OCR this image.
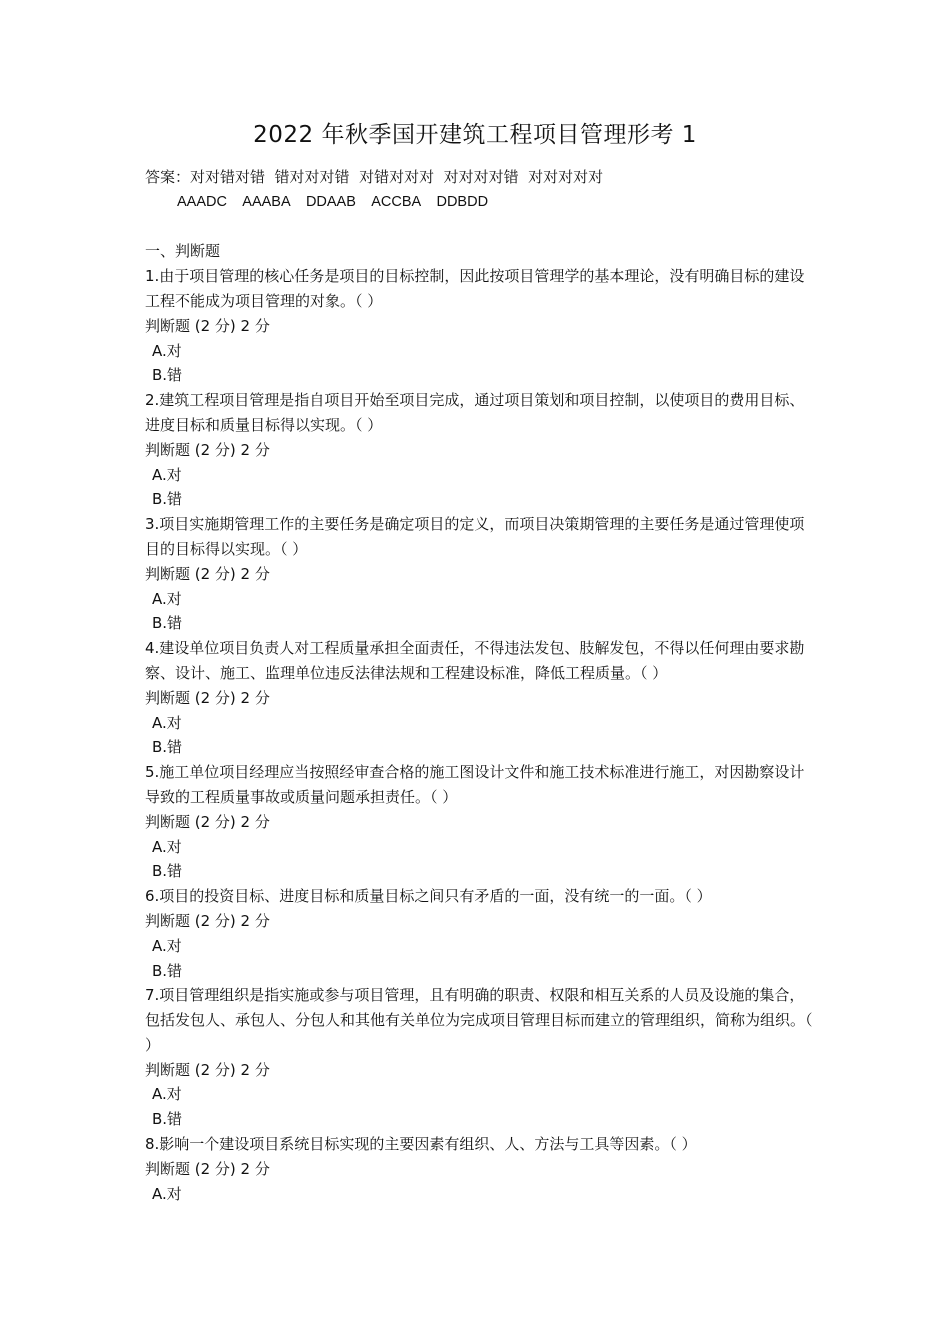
2022 年秋季国开建筑工程项目管理形考 1
答案：对对错对错  错对对对错  对错对对对  对对对对错  对对对对对
AAADC    AAABA    DDAAB    ACCBA    DDBDD
一、判断题
1.由于项目管理的核心任务是项目的目标控制，因此按项目管理学的基本理论，没有明确目标的建设工程不能成为项目管理的对象。（ ）
判断题 (2 分) 2 分
A.对
B.错
2.建筑工程项目管理是指自项目开始至项目完成，通过项目策划和项目控制，以使项目的费用目标、进度目标和质量目标得以实现。（ ）
判断题 (2 分) 2 分
A.对
B.错
3.项目实施期管理工作的主要任务是确定项目的定义，而项目决策期管理的主要任务是通过管理使项目的目标得以实现。（ ）
判断题 (2 分) 2 分
A.对
B.错
4.建设单位项目负责人对工程质量承担全面责任，不得违法发包、肢解发包，不得以任何理由要求勘察、设计、施工、监理单位违反法律法规和工程建设标准，降低工程质量。（ ）
判断题 (2 分) 2 分
A.对
B.错
5.施工单位项目经理应当按照经审查合格的施工图设计文件和施工技术标准进行施工，对因勘察设计导致的工程质量事故或质量问题承担责任。（ ）
判断题 (2 分) 2 分
A.对
B.错
6.项目的投资目标、进度目标和质量目标之间只有矛盾的一面，没有统一的一面。（ ）
判断题 (2 分) 2 分
A.对
B.错
7.项目管理组织是指实施或参与项目管理，且有明确的职责、权限和相互关系的人员及设施的集合，包括发包人、承包人、分包人和其他有关单位为完成项目管理目标而建立的管理组织，简称为组织。（ ）
判断题 (2 分) 2 分
A.对
B.错
8.影响一个建设项目系统目标实现的主要因素有组织、人、方法与工具等因素。（ ）
判断题 (2 分) 2 分
A.对
